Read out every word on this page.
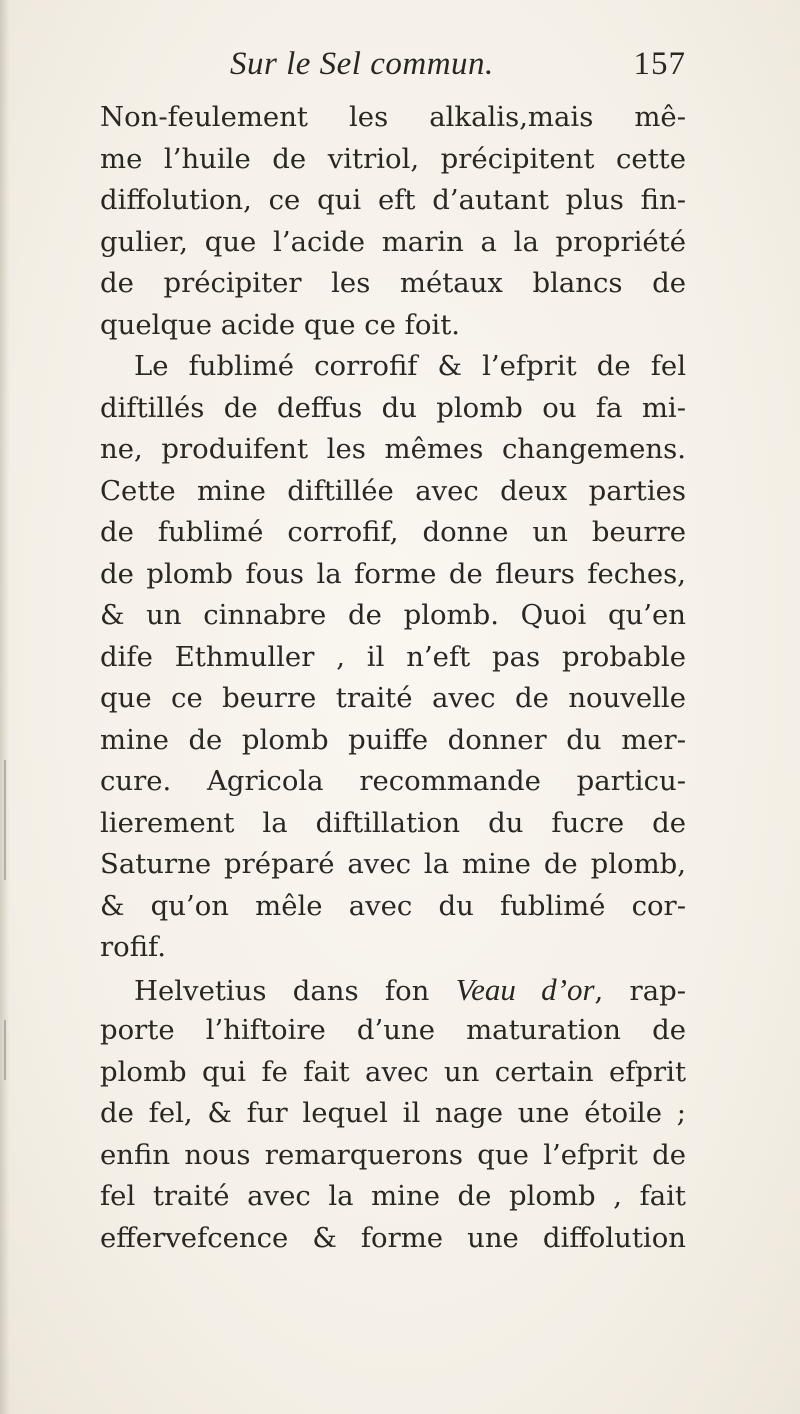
Sur le Sel commun.	157
Non-feulement les alkalis,mais mê-
me l’huile de vitriol, précipitent cette
diffolution, ce qui eft d’autant plus fin-
gulier, que l’acide marin a la propriété
de précipiter les métaux blancs de
quelque acide que ce foit.
Le fublimé corrofif & l’efprit de fel
diftillés de deffus du plomb ou fa mi-
ne, produifent les mêmes changemens.
Cette mine diftillée avec deux parties
de fublimé corrofif, donne un beurre
de plomb fous la forme de fleurs feches,
& un cinnabre de plomb. Quoi qu’en
dife Ethmuller , il n’eft pas probable
que ce beurre traité avec de nouvelle
mine de plomb puiffe donner du mer-
cure. Agricola recommande particu-
lierement la diftillation du fucre de
Saturne préparé avec la mine de plomb,
& qu’on mêle avec du fublimé cor-
rofif.
Helvetius dans fon Veau d’or, rap-
porte l’hiftoire d’une maturation de
plomb qui fe fait avec un certain efprit
de fel, & fur lequel il nage une étoile ;
enfin nous remarquerons que l’efprit de
fel traité avec la mine de plomb , fait
effervefcence & forme une diffolution
